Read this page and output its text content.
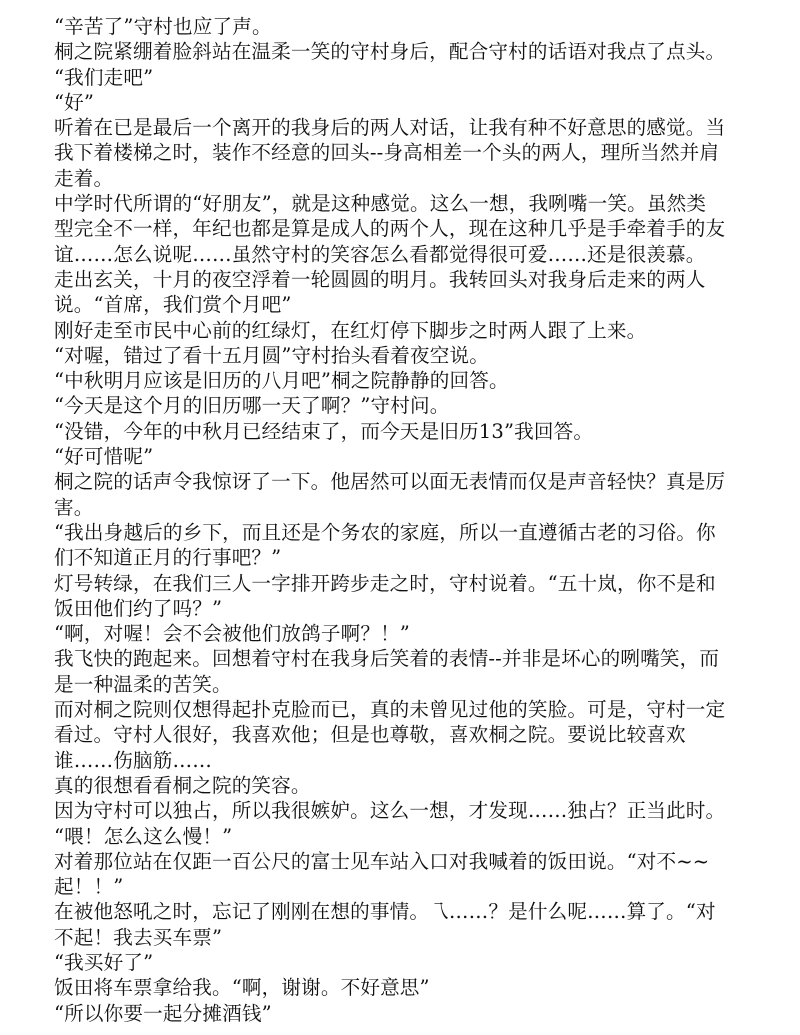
“辛苦了”守村也应了声。
桐之院紧绷着脸斜站在温柔一笑的守村身后，配合守村的话语对我点了点头。
“我们走吧”
“好”
听着在已是最后一个离开的我身后的两人对话，让我有种不好意思的感觉。当
我下着楼梯之时，装作不经意的回头--身高相差一个头的两人，理所当然并肩
走着。
中学时代所谓的“好朋友”，就是这种感觉。这么一想，我咧嘴一笑。虽然类
型完全不一样，年纪也都是算是成人的两个人，现在这种几乎是手牵着手的友
谊……怎么说呢……虽然守村的笑容怎么看都觉得很可爱……还是很羡慕。
走出玄关，十月的夜空浮着一轮圆圆的明月。我转回头对我身后走来的两人
说。“首席，我们赏个月吧”
刚好走至市民中心前的红绿灯，在红灯停下脚步之时两人跟了上来。
“对喔，错过了看十五月圆”守村抬头看着夜空说。
“中秋明月应该是旧历的八月吧”桐之院静静的回答。
“今天是这个月的旧历哪一天了啊？”守村问。
“没错，今年的中秋月已经结束了，而今天是旧历13”我回答。
“好可惜呢”
桐之院的话声令我惊讶了一下。他居然可以面无表情而仅是声音轻快？真是厉
害。
“我出身越后的乡下，而且还是个务农的家庭，所以一直遵循古老的习俗。你
们不知道正月的行事吧？”
灯号转绿，在我们三人一字排开跨步走之时，守村说着。“五十岚，你不是和
饭田他们约了吗？”
“啊，对喔！会不会被他们放鸽子啊？！”
我飞快的跑起来。回想着守村在我身后笑着的表情--并非是坏心的咧嘴笑，而
是一种温柔的苦笑。
而对桐之院则仅想得起扑克脸而已，真的未曾见过他的笑脸。可是，守村一定
看过。守村人很好，我喜欢他；但是也尊敬，喜欢桐之院。要说比较喜欢
谁……伤脑筋……
真的很想看看桐之院的笑容。
因为守村可以独占，所以我很嫉妒。这么一想，才发现……独占？正当此时。
“喂！怎么这么慢！”
对着那位站在仅距一百公尺的富士见车站入口对我喊着的饭田说。“对不~~
起！！”
在被他怒吼之时，忘记了刚刚在想的事情。乁……？是什么呢……算了。“对
不起！我去买车票”
“我买好了”
饭田将车票拿给我。“啊，谢谢。不好意思”
“所以你要一起分摊酒钱”
